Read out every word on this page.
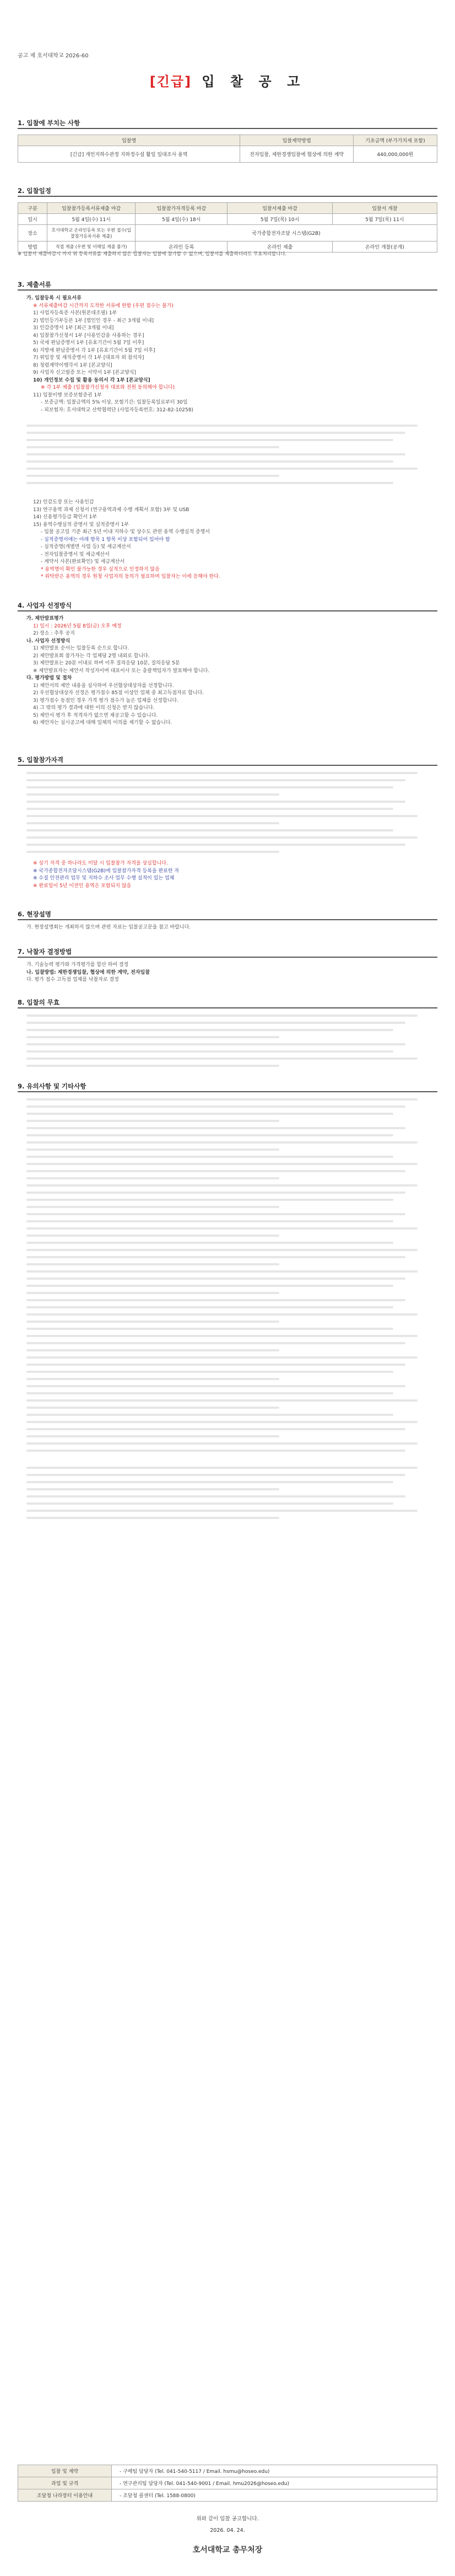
공고 제 호서대학교 2026-60
[긴급] 입 찰 공 고
1. 입찰에 부치는 사항
입찰명	입찰계약방법	기초금액 (부가가치세 포함)
[긴급] 개인지하수관정 지하정수설 활일 일대조사 용역	전자입찰, 제한경쟁입찰에 협상에 의한 계약	440,000,000원
2. 입찰일정
구분	입찰참가등록서류제출 마감	입찰참가자격등록 마감	입찰서제출 마감	입찰서 개찰
일시	5월 4일(수) 11시	5월 4일(수) 18시	5월 7일(목) 10시	5월 7일(목) 11시
장소	호서대학교 온라인등록 또는 우편 접수(입찰참가등록서류 제출)	국가종합전자조달 시스템(G2B)		
방법	직접 제출 (우편 및 이메일 제출 불가)	온라인 등록	온라인 제출	온라인 개찰(공개)
※ 입찰서 제출마감시 까지 위 등록서류를 제출하지 않은 입찰자는 입찰에 참가할 수 없으며, 입찰서를 제출하더라도 무효처리합니다.
3. 제출서류

가. 입찰등록 시 필요서류

※ 서류제출마감 시간까지 도착한 서류에 한함 (우편 접수는 불가)

1) 사업자등록증 사본(원본대조필) 1부

2) 법인등기부등본 1부 [법인인 경우 - 최근 3개월 이내]

3) 인감증명서 1부 [최근 3개월 이내]

4) 입찰참가신청서 1부 [사용인감을 사용하는 경우]

5) 국세 완납증명서 1부 [유효기간이 5월 7일 이후]

6) 지방세 완납증명서 각 1부 [유효기간이 5월 7일 이후]

7) 위임장 및 재직증명서 각 1부 [대표자 외 참석자]

8) 청렴계약이행각서 1부 [본교양식]

9) 사업자 신고필증 또는 서약서 1부 [본교양식]

10) 개인정보 수집 및 활용 동의서 각 1부 [본교양식]

※ 각 1부 제출 (입찰참가신청자 대표와 전원 동의해야 합니다)

11) 입찰이행 보증보험증권 1부

- 보증금액: 입찰금액의 5% 이상, 보험기간: 입찰등록일로부터 30일

- 피보험자: 호서대학교 산학협력단 (사업자등록번호: 312-82-10258)

12) 인감도장 또는 사용인감

13) 연구용역 과제 신청서 (연구용역과제 수행 계획서 포함) 3부 및 USB

14) 신용평가등급 확인서 1부

15) 용역수행실적 증명서 및 실적증명서 1부

- 입찰 공고일 기준 최근 5년 이내 지하수 및 상수도 관련 용역 수행실적 증명서

- 실적증명서에는 아래 항목 1 항목 이상 포함되어 있어야 함

- 실적증명(개별면 사업 등) 및 세금계산서

- 전자입찰증명서 및 세금계산서

- 계약서 사본(완료확인) 및 세금계산서

* 용역명이 확인 불가능한 경우 실적으로 인정하지 않음

* 위탁받은 용역의 경우 원청 사업자의 동의가 필요하며 입찰자는 이에 응해야 한다.

4. 사업자 선정방식

가. 제안발표평가

1) 일시 : 2026년 5월 8일(금) 오후 예정

2) 장소 : 추후 공지

나. 사업자 선정방식

1) 제안발표 순서는 입찰등록 순으로 합니다.

2) 제안발표회 참가자는 각 업체당 2명 내외로 합니다.

3) 제안발표는 20분 이내로 하며 이후 질의응답 10분, 질의응답 5분

※ 제안발표자는 제안서 작성자이며 대표이사 또는 총괄책임자가 발표해야 합니다.

다. 평가방법 및 절차

1) 제안서의 제안 내용을 심사하여 우선협상대상자를 선정합니다.

2) 우선협상대상자 선정은 평가점수 85점 이상인 업체 중 최고득점자로 합니다.

3) 평가점수 동점인 경우 가격 평가 점수가 높은 업체를 선정합니다.

4) 그 밖의 평가 결과에 대한 이의 신청은 받지 않습니다.

5) 제안서 평가 후 적격자가 없으면 재공고할 수 있습니다.

6) 제안자는 실시공고에 대해 일체의 이의를 제기할 수 없습니다.

5. 입찰참가자격

※ 상기 자격 중 하나라도 미달 시 입찰참가 자격을 상실합니다.

※ 국가종합전자조달시스템(G2B)에 입찰참가자격 등록을 완료한 자

※ 수질 안전관리 업무 및 지하수 조사 업무 수행 실적이 있는 업체

※ 완료일이 5년 이전인 용역은 포함되지 않음

6. 현장설명
가. 현장설명회는 개최하지 않으며 관련 자료는 입찰공고문을 참고 바랍니다.
7. 낙찰자 결정방법

가. 기술능력 평가와 가격평가를 합산 하여 결정

나. 입찰방법: 제한경쟁입찰, 협상에 의한 계약, 전자입찰

다. 평가 점수 고득점 업체를 낙찰자로 결정

8. 입찰의 무효
9. 유의사항 및 기타사항
입찰 및 계약	- 구매팀 담당자 (Tel. 041-540-5117 / Email. hsmu@hoseo.edu)
과업 및 규격	- 연구관리팀 담당자 (Tel. 041-540-9001 / Email. hmu2026@hoseo.edu)
조달청 나라장터 이용안내	- 조달청 콜센터 (Tel. 1588-0800)
위와 같이 입찰 공고합니다.
2026. 04. 24.
호서대학교 총무처장
